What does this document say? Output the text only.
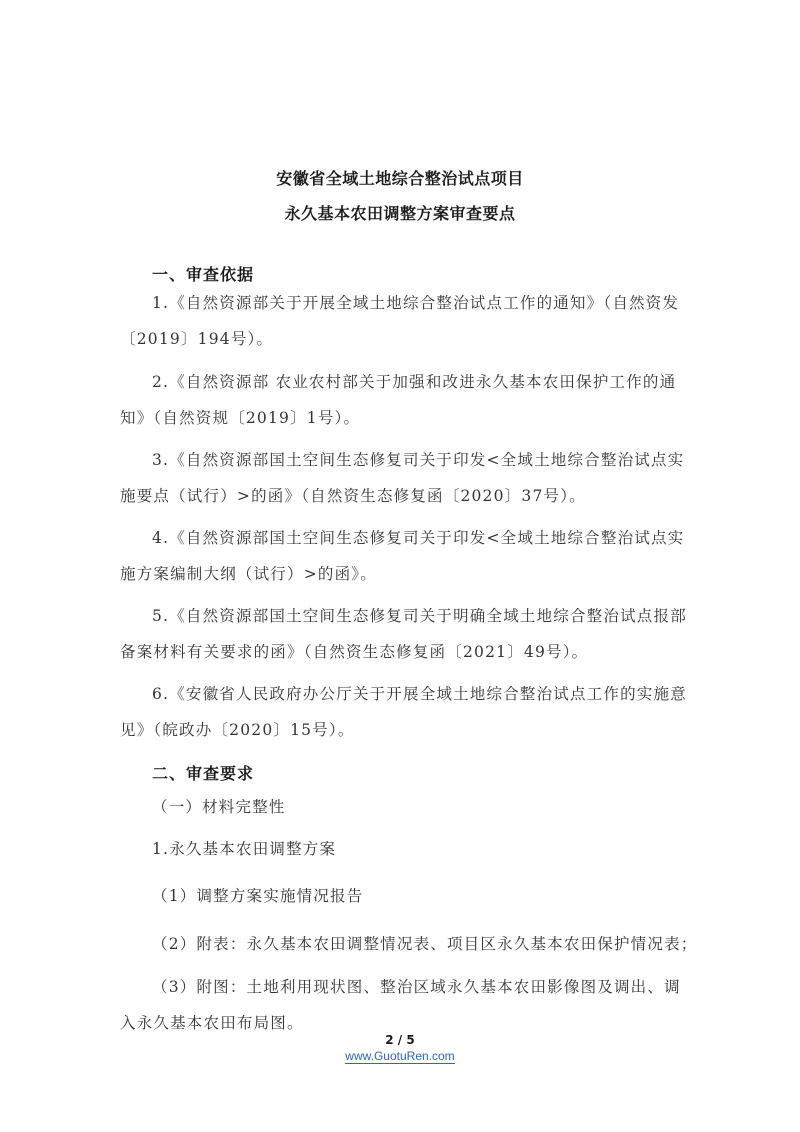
安徽省全域土地综合整治试点项目
永久基本农田调整方案审查要点
一、审查依据

1.《自然资源部关于开展全域土地综合整治试点工作的通知》（自然资发〔2019〕194号）。

2.《自然资源部 农业农村部关于加强和改进永久基本农田保护工作的通知》（自然资规〔2019〕1号）。

3.《自然资源部国土空间生态修复司关于印发<全域土地综合整治试点实施要点（试行）>的函》（自然资生态修复函〔2020〕37号）。

4.《自然资源部国土空间生态修复司关于印发<全域土地综合整治试点实施方案编制大纲（试行）>的函》。

5.《自然资源部国土空间生态修复司关于明确全域土地综合整治试点报部备案材料有关要求的函》（自然资生态修复函〔2021〕49号）。

6.《安徽省人民政府办公厅关于开展全域土地综合整治试点工作的实施意见》（皖政办〔2020〕15号）。

二、审查要求
（一）材料完整性
1.永久基本农田调整方案
（1）调整方案实施情况报告
（2）附表：永久基本农田调整情况表、项目区永久基本农田保护情况表；

（3）附图：土地利用现状图、整治区域永久基本农田影像图及调出、调入永久基本农田布局图。

2 / 5
www.GuotuRen.com
